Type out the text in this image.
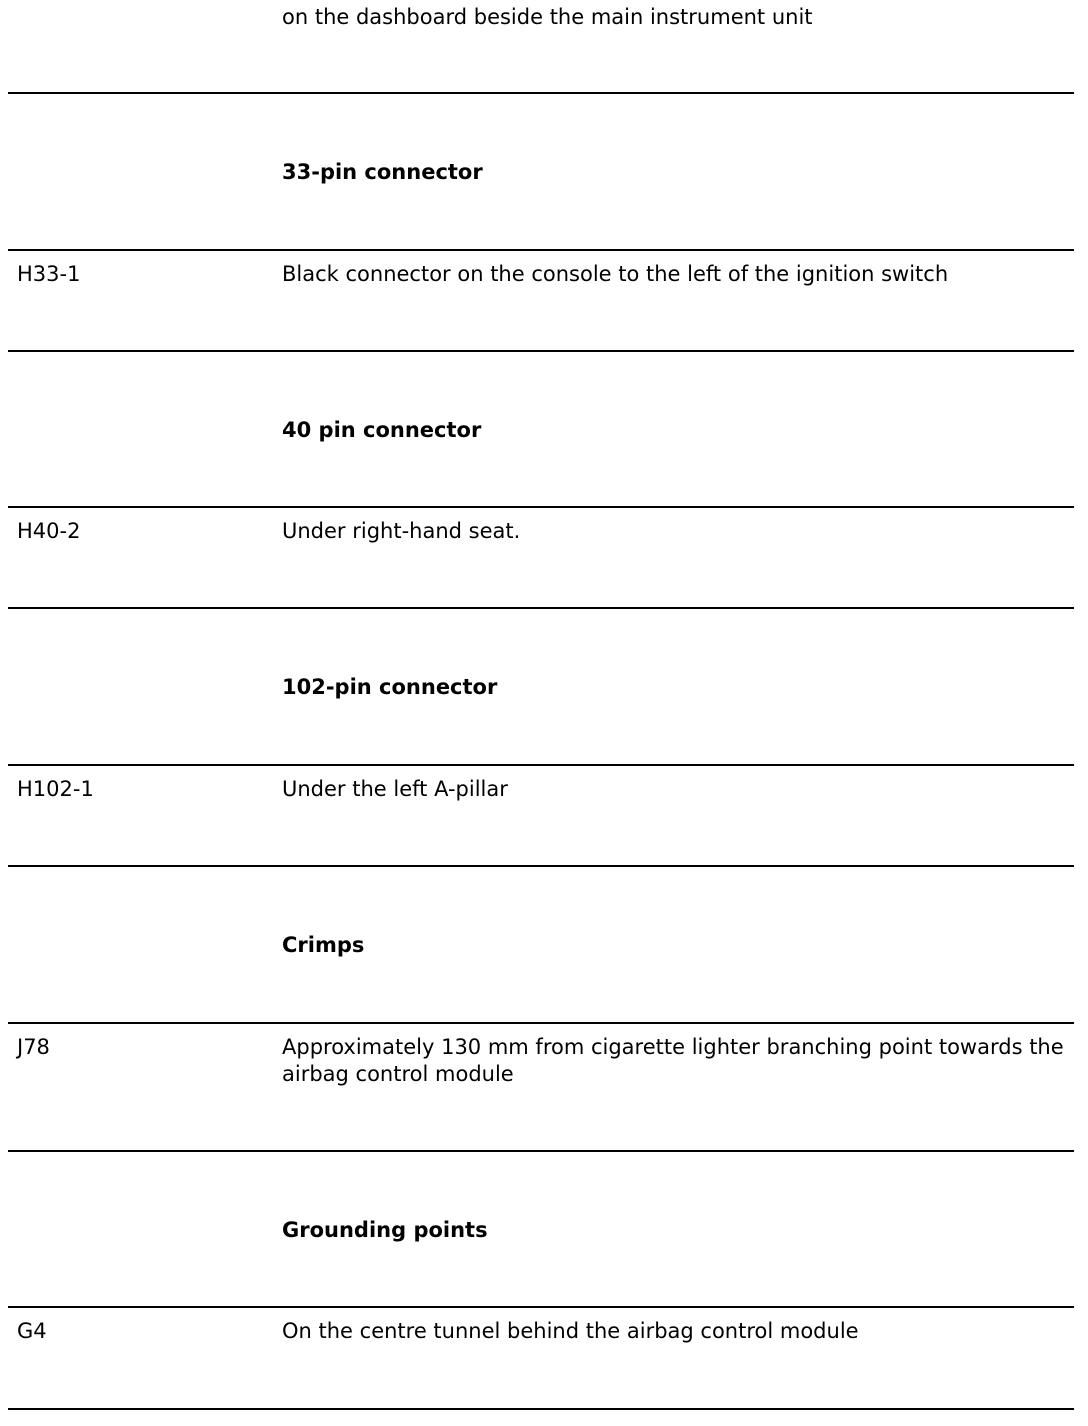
on the dashboard beside the main instrument unit
33-pin connector
H33-1	Black connector on the console to the left of the ignition switch
40 pin connector
H40-2	Under right-hand seat.
102-pin connector
H102-1	Under the left A-pillar
Crimps
J78	Approximately 130 mm from cigarette lighter branching point towards the airbag control module
Grounding points
G4	On the centre tunnel behind the airbag control module
